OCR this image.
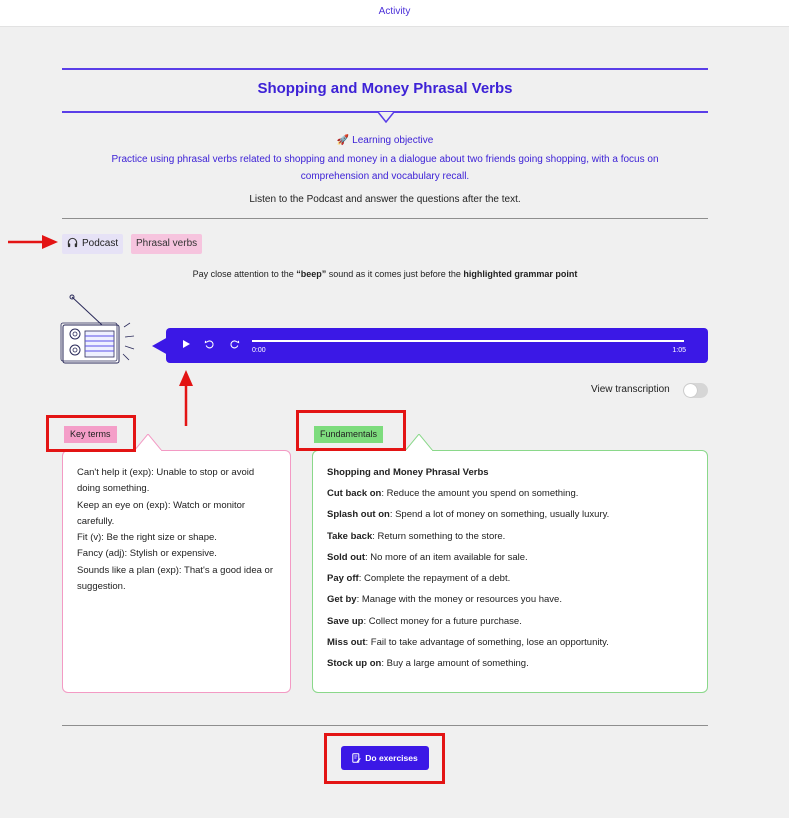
Activity
Shopping and Money Phrasal Verbs
🚀 Learning objective
Practice using phrasal verbs related to shopping and money in a dialogue about two friends going shopping, with a focus on comprehension and vocabulary recall.
Listen to the Podcast and answer the questions after the text.
Podcast	Phrasal verbs
Pay close attention to the “beep” sound as it comes just before the highlighted grammar point
0:00	1:05
View transcription
Key terms
Can't help it (exp): Unable to stop or avoid doing something.
Keep an eye on (exp): Watch or monitor carefully.
Fit (v): Be the right size or shape.
Fancy (adj): Stylish or expensive.
Sounds like a plan (exp): That's a good idea or suggestion.
Fundamentals
Shopping and Money Phrasal Verbs
Cut back on: Reduce the amount you spend on something.
Splash out on: Spend a lot of money on something, usually luxury.
Take back: Return something to the store.
Sold out: No more of an item available for sale.
Pay off: Complete the repayment of a debt.
Get by: Manage with the money or resources you have.
Save up: Collect money for a future purchase.
Miss out: Fail to take advantage of something, lose an opportunity.
Stock up on: Buy a large amount of something.
Do exercises
